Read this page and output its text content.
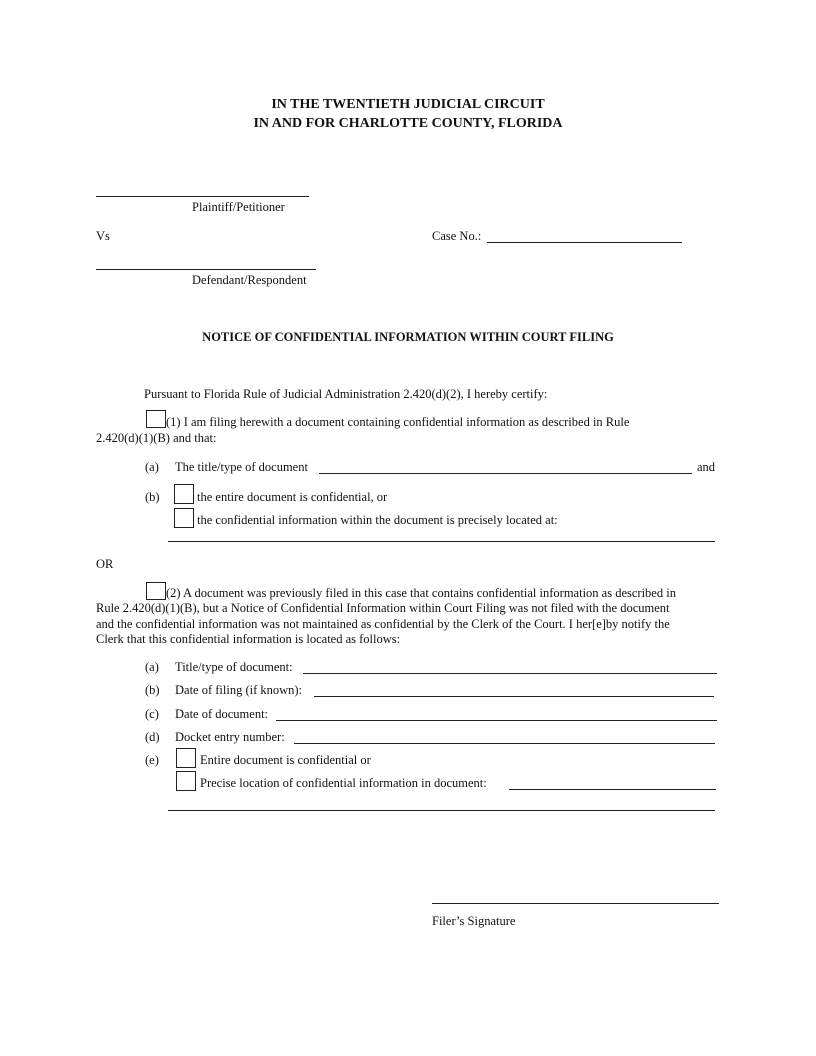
IN THE TWENTIETH JUDICIAL CIRCUIT
IN AND FOR CHARLOTTE COUNTY, FLORIDA
Plaintiff/Petitioner
Vs	Case No.:
Defendant/Respondent
NOTICE OF CONFIDENTIAL INFORMATION WITHIN COURT FILING
Pursuant to Florida Rule of Judicial Administration 2.420(d)(2), I hereby certify:
(1) I am filing herewith a document containing confidential information as described in Rule
2.420(d)(1)(B) and that:
(a) The title/type of document	and
(b)	the entire document is confidential, or
the confidential information within the document is precisely located at:
OR
(2) A document was previously filed in this case that contains confidential information as described in
Rule 2.420(d)(1)(B), but a Notice of Confidential Information within Court Filing was not filed with the document
and the confidential information was not maintained as confidential by the Clerk of the Court. I her[e]by notify the
Clerk that this confidential information is located as follows:
(a) Title/type of document:
(b) Date of filing (if known):
(c) Date of document:
(d) Docket entry number:
(e)	Entire document is confidential or
Precise location of confidential information in document:
Filer’s Signature
